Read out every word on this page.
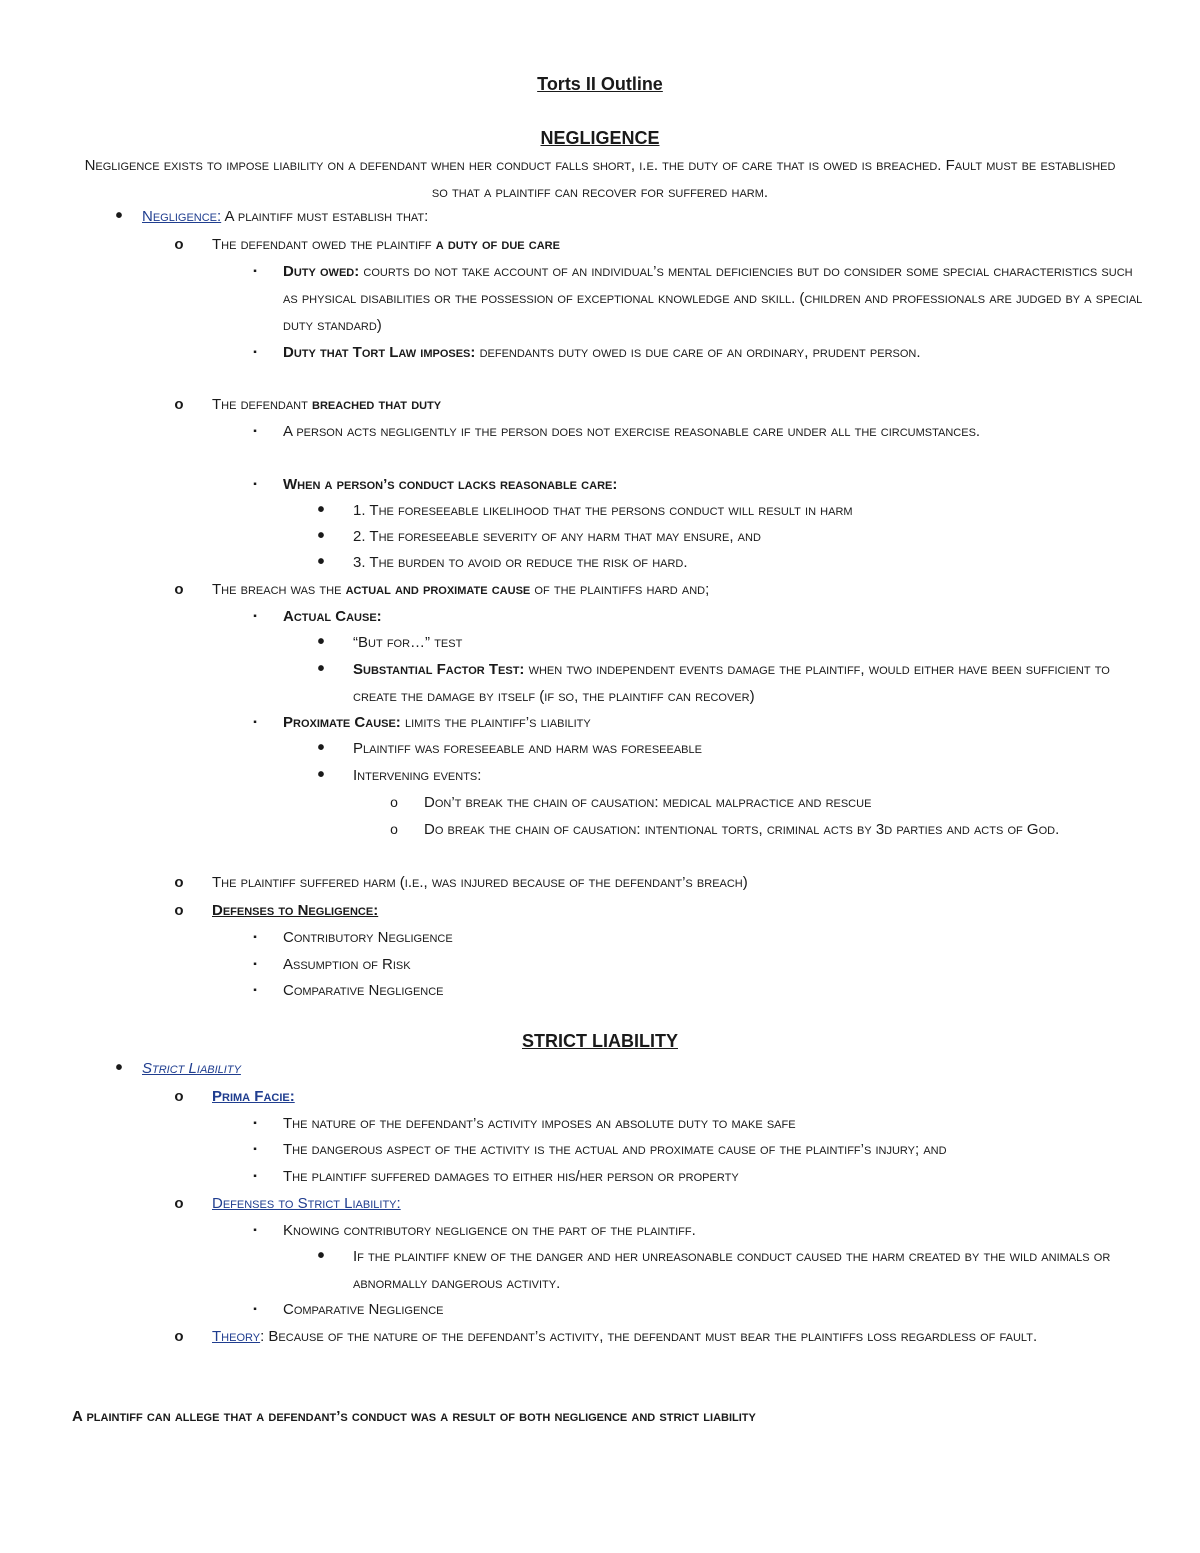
Torts II Outline
NEGLIGENCE
Negligence exists to impose liability on a defendant when her conduct falls short, i.e. the duty of care that is owed is breached. Fault must be established so that a plaintiff can recover for suffered harm.
• Negligence: A plaintiff must establish that:
o The defendant owed the plaintiff a duty of due care
▪	Duty owed: courts do not take account of an individual’s mental deficiencies but do consider some special characteristics such as physical disabilities or the possession of exceptional knowledge and skill. (children and professionals are judged by a special duty standard)
▪	Duty that Tort Law imposes: defendants duty owed is due care of an ordinary, prudent person.
o The defendant breached that duty
▪	A person acts negligently if the person does not exercise reasonable care under all the circumstances.
▪	When a person’s conduct lacks reasonable care:
• 1. The foreseeable likelihood that the persons conduct will result in harm
• 2. The foreseeable severity of any harm that may ensure, and
• 3. The burden to avoid or reduce the risk of hard.
o The breach was the actual and proximate cause of the plaintiffs hard and;
▪	Actual Cause:
• “But for…” test
• Substantial Factor Test: when two independent events damage the plaintiff, would either have been sufficient to create the damage by itself (if so, the plaintiff can recover)
▪	Proximate Cause: limits the plaintiff’s liability
• Plaintiff was foreseeable and harm was foreseeable
• Intervening events:
o Don’t break the chain of causation: medical malpractice and rescue
o Do break the chain of causation: intentional torts, criminal acts by 3d parties and acts of God.
o The plaintiff suffered harm (i.e., was injured because of the defendant’s breach)
o Defenses to Negligence:
▪	Contributory Negligence
▪	Assumption of Risk
▪	Comparative Negligence
STRICT LIABILITY
• Strict Liability
o Prima Facie:
▪	The nature of the defendant’s activity imposes an absolute duty to make safe
▪	The dangerous aspect of the activity is the actual and proximate cause of the plaintiff’s injury; and
▪	The plaintiff suffered damages to either his/her person or property
o Defenses to Strict Liability:
▪	Knowing contributory negligence on the part of the plaintiff.
• If the plaintiff knew of the danger and her unreasonable conduct caused the harm created by the wild animals or abnormally dangerous activity.
▪	Comparative Negligence
o Theory: Because of the nature of the defendant’s activity, the defendant must bear the plaintiffs loss regardless of fault.
A plaintiff can allege that a defendant’s conduct was a result of both negligence and strict liability
